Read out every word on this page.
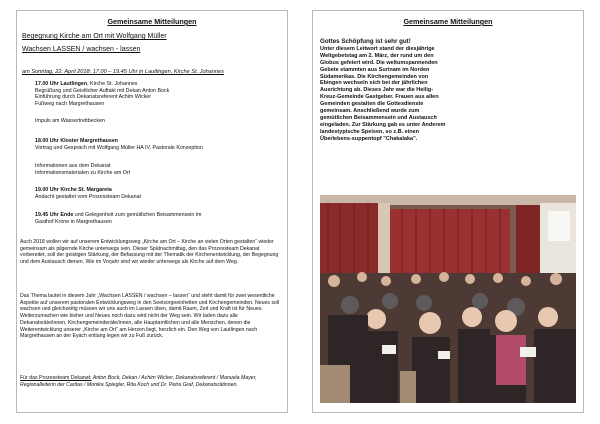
Gemeinsame Mitteilungen
Begegnung Kirche am Ort mit Wolfgang Müller
Wachsen LASSEN / wachsen - lassen
am Sonntag, 22. April 2018: 17.00 – 19.45 Uhr in Lautlingen, Kirche St. Johannes
17.00 Uhr Lautlingen, Kirche St. Johannes
Begrüßung und Geistlicher Auftakt mit Dekan Anton Bock
Einführung durch Dekanatsreferent Achim Wicker
Fußweg nach Margrethausen
Impuls am Wassertrettbecken
18.00 Uhr Kloster Margrethausen
Vortrag und Gespräch mit Wolfgang Müller HA IV, Pastorale Konzeption
Informationen aus dem Dekanat
Informationsmaterialen zu Kirche am Ort
19.00 Uhr Kirche St. Margareta
Andacht gestaltet vom Prozessteam Dekanat
19.45 Uhr Ende und Gelegenheit zum gemütlichen Beisammensein im
Gasthof Krone in Margrethausen
Auch 2018 wollen wir auf unserem Entwicklungsweg „Kirche am Ort – Kirche an vielen Orten gestalten“ wieder gemeinsam als pilgernde Kirche unterwegs sein. Dieser Spätnachmittag, den das Prozessteam Dekanat vorbereitet, soll der geistigen Stärkung, der Befassung mit der Thematik der Kirchenentwicklung, der Begegnung und dem Austausch dienen. Wie im Vorjahr sind wir wieder unterwegs als Kirche auf dem Weg.
Das Thema lautet in diesem Jahr „Wachsen LASSEN / wachsen – lassen“ und steht damit für zwei wesentliche Aspekte auf unserem pastoralen Entwicklungsweg in den Seelsorgeeinheiten und Kirchengemeinden. Neues soll wachsen und gleichzeitig müssen wir uns auch im Lassen üben, damit Raum, Zeit und Kraft ist für Neues. Weiterzumachen wie bisher und Neues noch dazu wird nicht der Weg sein. Wir laden dazu alle Dekanatsräte/innen, Kirchengemeinderäte/innen, alle Hauptamtlichen und alle Menschen, denen die Weiterentwicklung unserer „Kirche am Ort“ am Herzen liegt, herzlich ein. Den Weg von Lautlingen nach Margrethausen an der Eyach entlang legen wir zu Fuß zurück.
Für das Prozessteam Dekanat: Anton Bock, Dekan / Achim Wicker, Dekanatsreferent / Manuela Mayer, Regionalleiterin der Caritas / Monika Spiegler, Rita Koch und Dr. Petra Graf, Dekanatsrätinnen.
Gemeinsame Mitteilungen
Gottes Schöpfung ist sehr gut!
Unter diesem Leitwort stand der diesjährige Weltgebetstag am 2. März, der rund um den Globus gefeiert wird. Die weltumspannenden Gebete stammten aus Surinam im Norden Südamerikas. Die Kirchengemeinden von Ebingen wechseln sich bei der jährlichen Ausrichtung ab. Dieses Jahr war die Heilig-Kreuz-Gemeinde Gastgeber. Frauen aus allen Gemeinden gestalten die Gottesdienste gemeinsam. Anschließend wurde zum gemütlichen Beisammensein und Austausch eingeladen. Zur Stärkung gab es unter Anderem landestypische Speisen, so z.B. einen Überlebens-suppentopf "Chakalaka".
